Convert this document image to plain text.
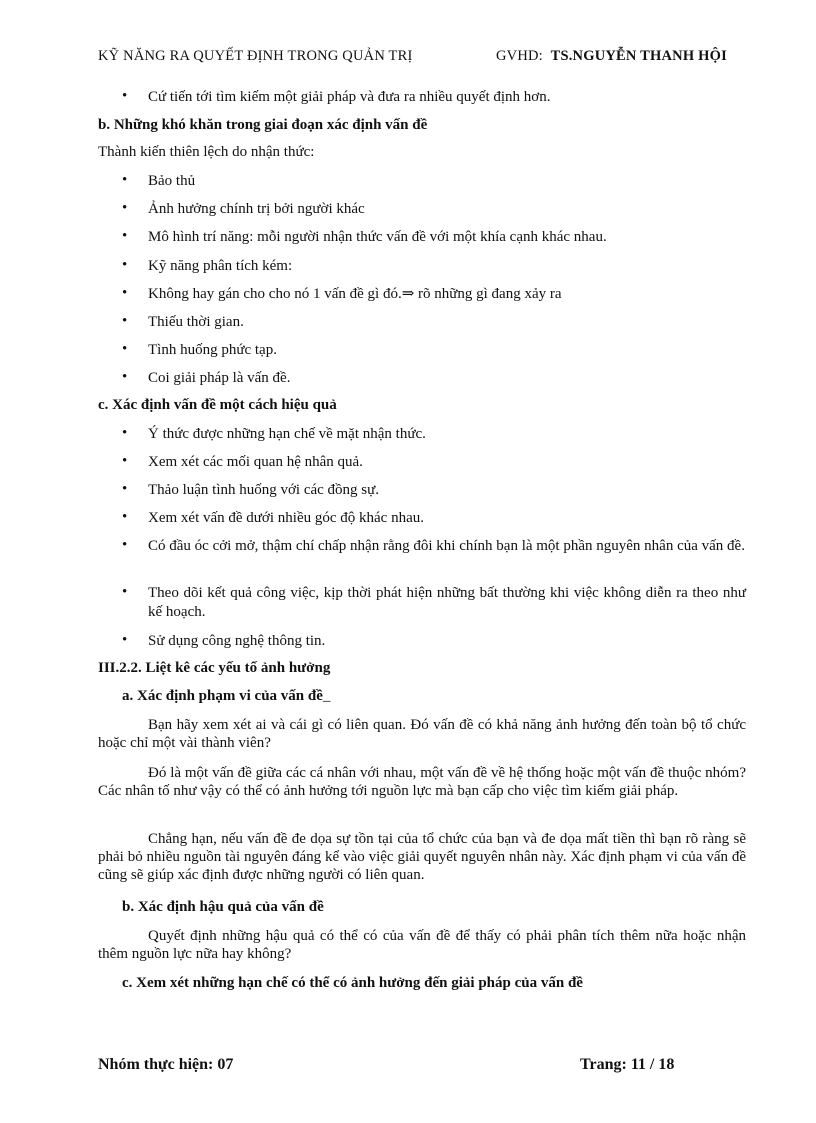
KỸ NĂNG RA QUYẾT ĐỊNH TRONG QUẢN TRỊ	GVHD: TS.NGUYỄN THANH HỘI
• Cứ tiến tới tìm kiếm một giải pháp và đưa ra nhiều quyết định hơn.
b. Những khó khăn trong giai đoạn xác định vấn đề
Thành kiến thiên lệch do nhận thức:
• Bảo thủ
• Ảnh hưởng chính trị bởi người khác
• Mô hình trí năng: mỗi người nhận thức vấn đề với một khía cạnh khác nhau.
• Kỹ năng phân tích kém:
• Không hay gán cho cho nó 1 vấn đề gì đó.⇒ rõ những gì đang xảy ra
• Thiếu thời gian.
• Tình huống phức tạp.
• Coi giải pháp là vấn đề.
c. Xác định vấn đề một cách hiệu quả
• Ý thức được những hạn chế về mặt nhận thức.
• Xem xét các mối quan hệ nhân quả.
• Thảo luận tình huống với các đồng sự.
• Xem xét vấn đề dưới nhiều góc độ khác nhau.
• Có đầu óc cởi mở, thậm chí chấp nhận rằng đôi khi chính bạn là một phần nguyên nhân của vấn đề.
• Theo dõi kết quả công việc, kịp thời phát hiện những bất thường khi việc không diễn ra theo như kế hoạch.
• Sử dụng công nghệ thông tin.
III.2.2. Liệt kê các yếu tố ảnh hưởng
a. Xác định phạm vi của vấn đề_
Bạn hãy xem xét ai và cái gì có liên quan. Đó vấn đề có khả năng ảnh hưởng đến toàn bộ tổ chức hoặc chỉ một vài thành viên?
Đó là một vấn đề giữa các cá nhân với nhau, một vấn đề về hệ thống hoặc một vấn đề thuộc nhóm? Các nhân tố như vậy có thể có ảnh hưởng tới nguồn lực mà bạn cấp cho việc tìm kiếm giải pháp.
Chẳng hạn, nếu vấn đề đe dọa sự tồn tại của tổ chức của bạn và đe dọa mất tiền thì bạn rõ ràng sẽ phải bỏ nhiều nguồn tài nguyên đáng kể vào việc giải quyết nguyên nhân này. Xác định phạm vi của vấn đề cũng sẽ giúp xác định được những người có liên quan.
b. Xác định hậu quả của vấn đề
Quyết định những hậu quả có thể có của vấn đề để thấy có phải phân tích thêm nữa hoặc nhận thêm nguồn lực nữa hay không?
c. Xem xét những hạn chế có thể có ảnh hưởng đến giải pháp của vấn đề
Nhóm thực hiện: 07	Trang: 11 / 18
